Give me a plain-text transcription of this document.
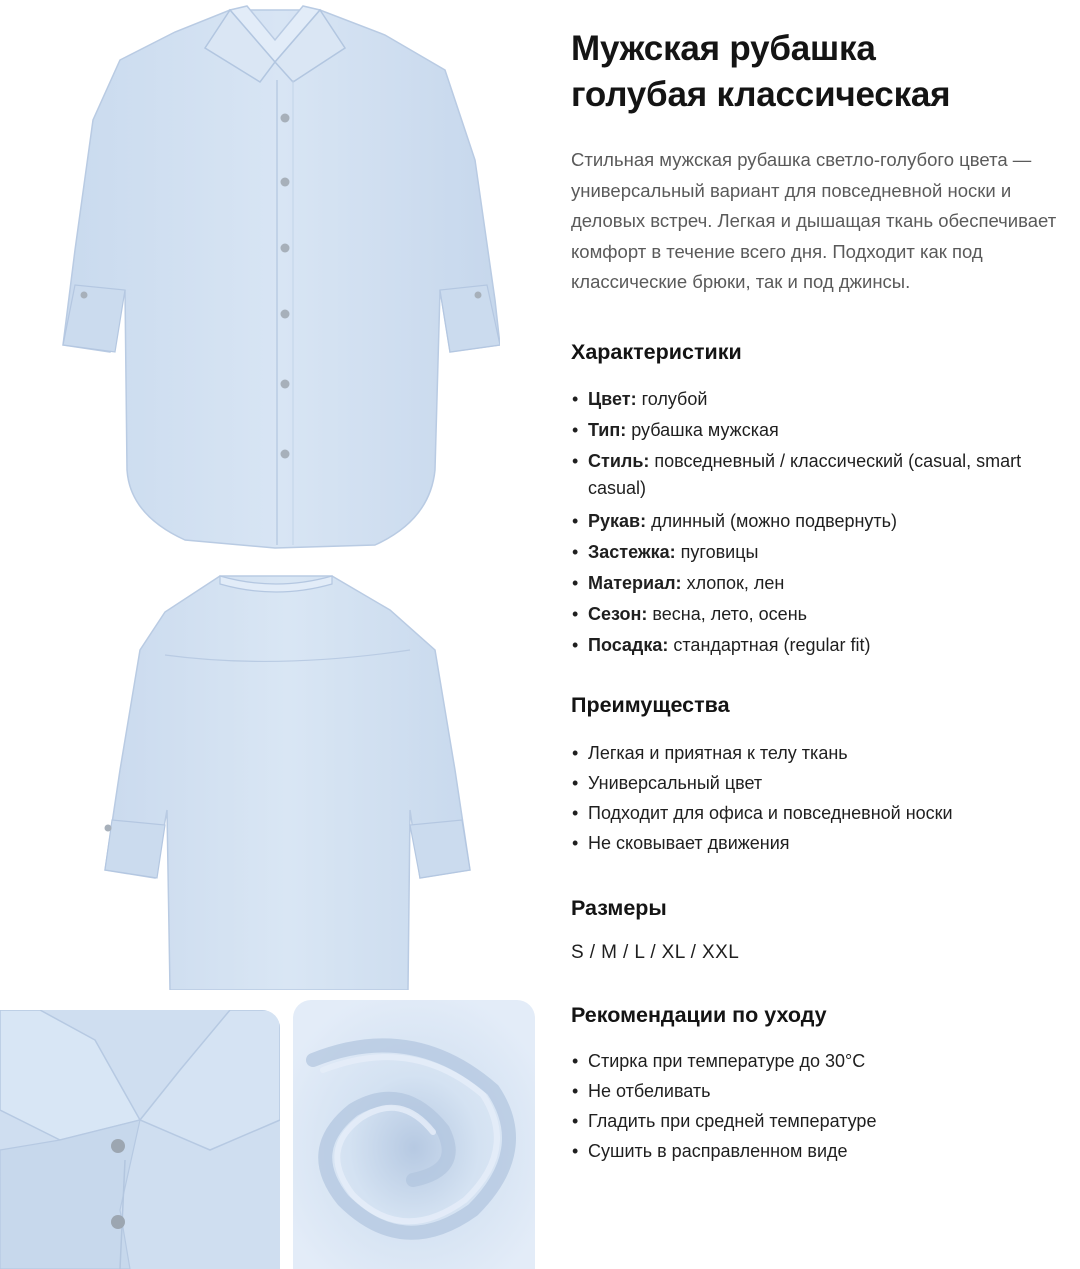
Мужская рубашка
голубая классическая

Стильная мужская рубашка светло-голубого цвета — универсальный вариант для повседневной носки и деловых встреч. Легкая и дышащая ткань обеспечивает комфорт в течение всего дня. Подходит как под классические брюки, так и под джинсы.

Характеристики
• Цвет: голубой
• Тип: рубашка мужская
• Стиль: повседневный / классический (casual, smart casual)
• Рукав: длинный (можно подвернуть)
• Застежка: пуговицы
• Материал: хлопок, лен
• Сезон: весна, лето, осень
• Посадка: стандартная (regular fit)
Преимущества
• Легкая и приятная к телу ткань
• Универсальный цвет
• Подходит для офиса и повседневной носки
• Не сковывает движения
Размеры
S / M / L / XL / XXL
Рекомендации по уходу
• Стирка при температуре до 30°C
• Не отбеливать
• Гладить при средней температуре
• Сушить в расправленном виде
